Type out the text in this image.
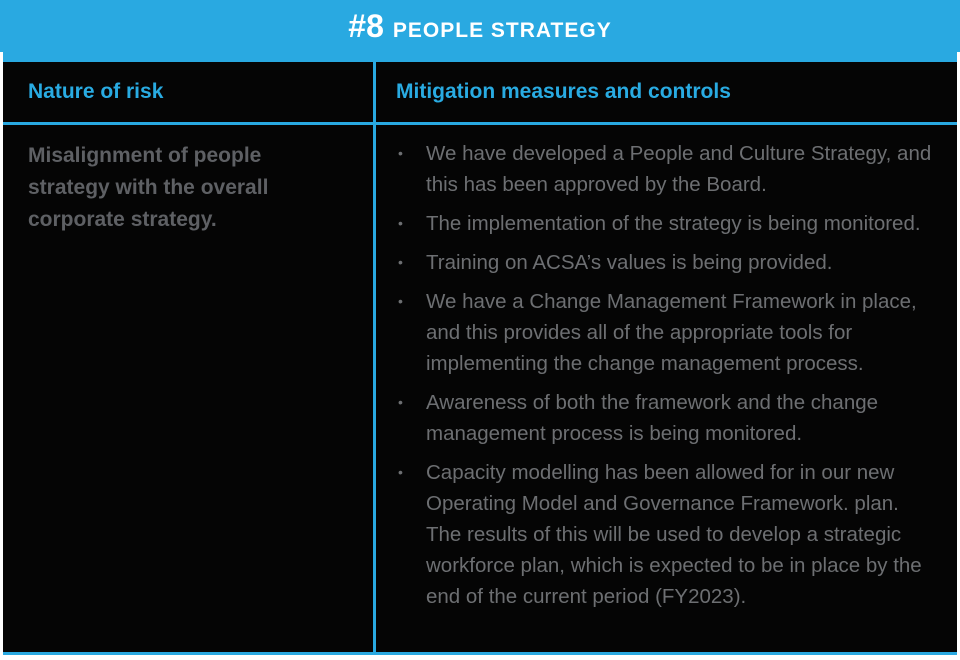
#8 PEOPLE STRATEGY
Nature of risk	Mitigation measures and controls
Misalignment of people strategy with the overall corporate strategy.
• We have developed a People and Culture Strategy, and this has been approved by the Board.
• The implementation of the strategy is being monitored.
• Training on ACSA’s values is being provided.
• We have a Change Management Framework in place, and this provides all of the appropriate tools for implementing the change management process.
• Awareness of both the framework and the change management process is being monitored.
• Capacity modelling has been allowed for in our new Operating Model and Governance Framework. plan. The results of this will be used to develop a strategic workforce plan, which is expected to be in place by the end of the current period (FY2023).
